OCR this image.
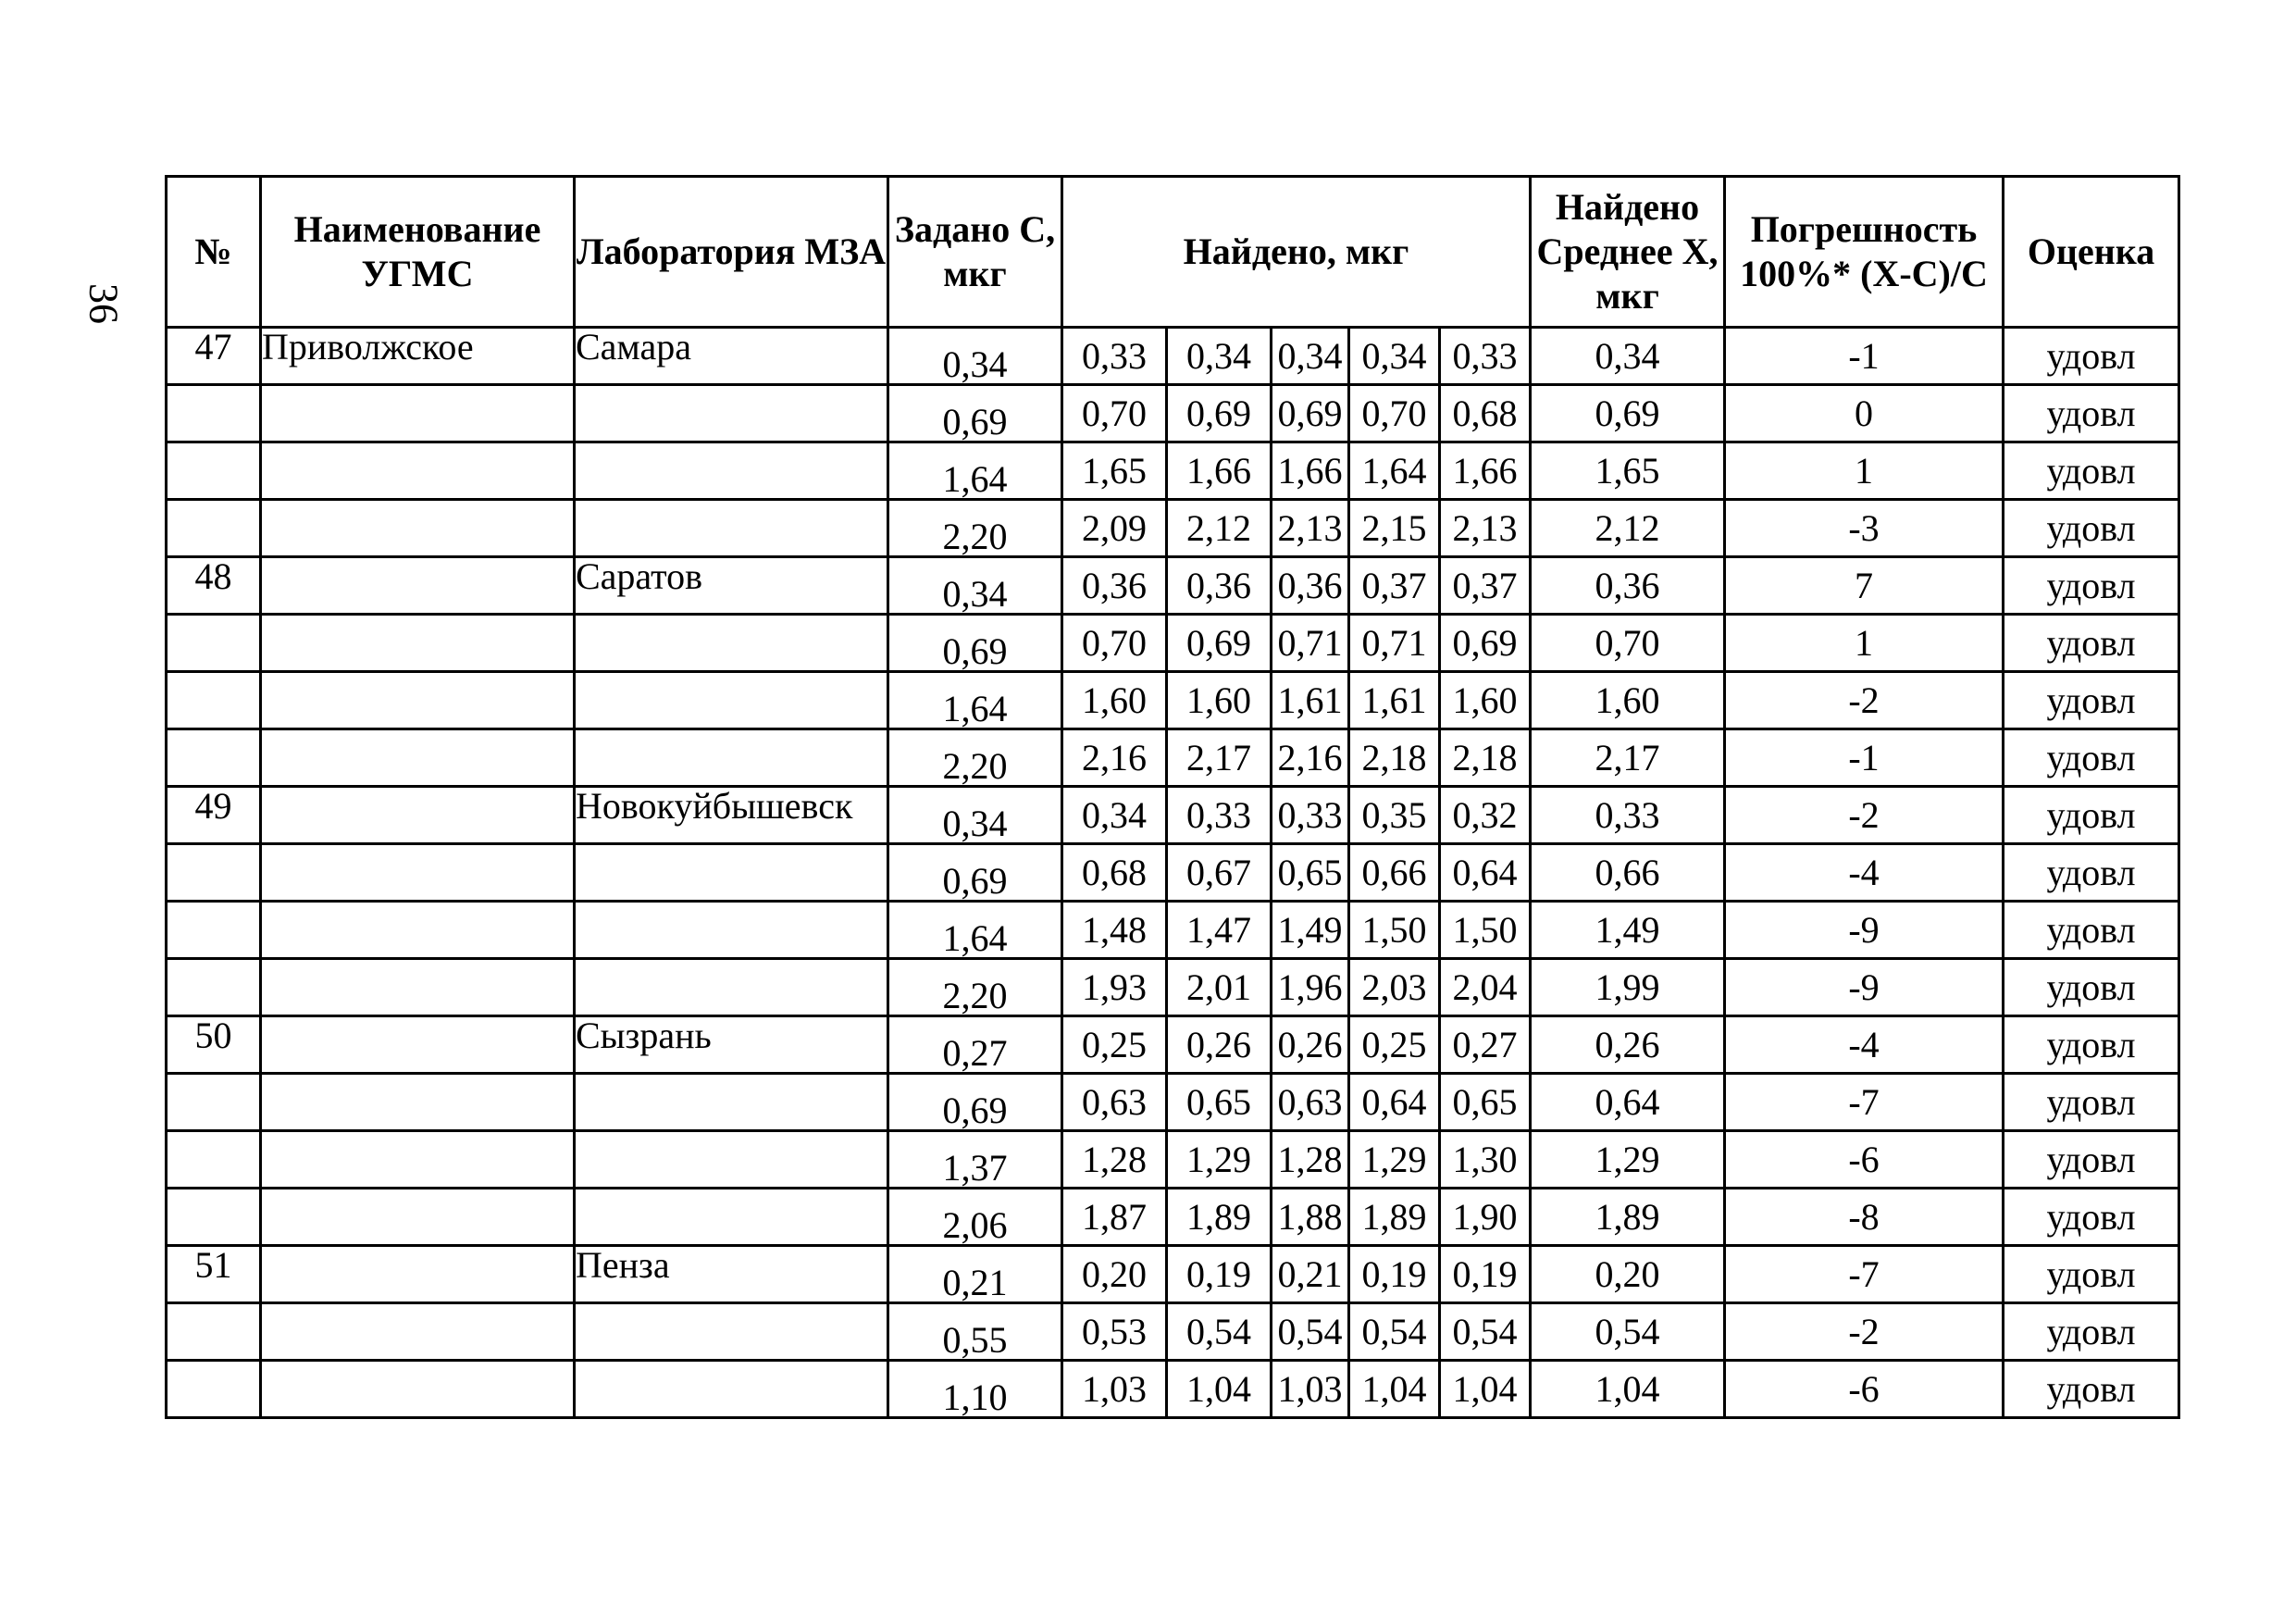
36
№	Наименование УГМС	Лаборатория МЗА	Задано С, мкг	Найдено, мкг					Найдено Среднее Х, мкг	Погрешность 100%* (Х-С)/С	Оценка
47	Приволжское	Самара	0,34	0,33	0,34	0,34	0,34	0,33	0,34	-1	удовл
			0,69	0,70	0,69	0,69	0,70	0,68	0,69	0	удовл
			1,64	1,65	1,66	1,66	1,64	1,66	1,65	1	удовл
			2,20	2,09	2,12	2,13	2,15	2,13	2,12	-3	удовл
48		Саратов	0,34	0,36	0,36	0,36	0,37	0,37	0,36	7	удовл
			0,69	0,70	0,69	0,71	0,71	0,69	0,70	1	удовл
			1,64	1,60	1,60	1,61	1,61	1,60	1,60	-2	удовл
			2,20	2,16	2,17	2,16	2,18	2,18	2,17	-1	удовл
49		Новокуйбышевск	0,34	0,34	0,33	0,33	0,35	0,32	0,33	-2	удовл
			0,69	0,68	0,67	0,65	0,66	0,64	0,66	-4	удовл
			1,64	1,48	1,47	1,49	1,50	1,50	1,49	-9	удовл
			2,20	1,93	2,01	1,96	2,03	2,04	1,99	-9	удовл
50		Сызрань	0,27	0,25	0,26	0,26	0,25	0,27	0,26	-4	удовл
			0,69	0,63	0,65	0,63	0,64	0,65	0,64	-7	удовл
			1,37	1,28	1,29	1,28	1,29	1,30	1,29	-6	удовл
			2,06	1,87	1,89	1,88	1,89	1,90	1,89	-8	удовл
51		Пенза	0,21	0,20	0,19	0,21	0,19	0,19	0,20	-7	удовл
			0,55	0,53	0,54	0,54	0,54	0,54	0,54	-2	удовл
			1,10	1,03	1,04	1,03	1,04	1,04	1,04	-6	удовл
